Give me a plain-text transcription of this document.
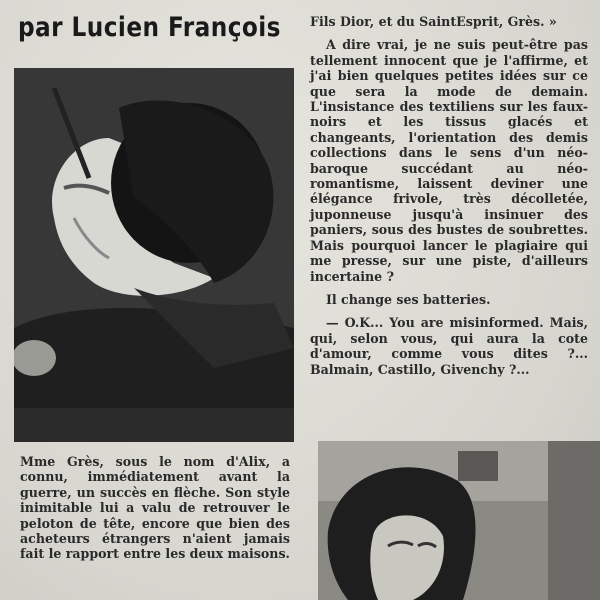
par Lucien François Fils Dior, et du SaintEsprit, Grès. »

A dire vrai, je ne suis peut-être pas tellement innocent que je l'affirme, et j'ai bien quelques petites idées sur ce que sera la mode de demain. L'insistance des textiliens sur les faux-noirs et les tissus glacés et changeants, l'orientation des demis collections dans le sens d'un néo-baroque succédant au néo-romantisme, laissent deviner une élégance frivole, très décolletée, juponneuse jusqu'à insinuer des paniers, sous des bustes de soubrettes. Mais pourquoi lancer le plagiaire qui me presse, sur une piste, d'ailleurs incertaine ?

Il change ses batteries.

— O.K... You are misinformed. Mais, qui, selon vous, qui aura la cote d'amour, comme vous dites ?... Balmain, Castillo, Givenchy ?...

Mme Grès, sous le nom d'Alix, a connu, immédiatement avant la guerre, un succès en flèche. Son style inimitable lui a valu de retrouver le peloton de tête, encore que bien des acheteurs étrangers n'aient jamais fait le rapport entre les deux maisons.
